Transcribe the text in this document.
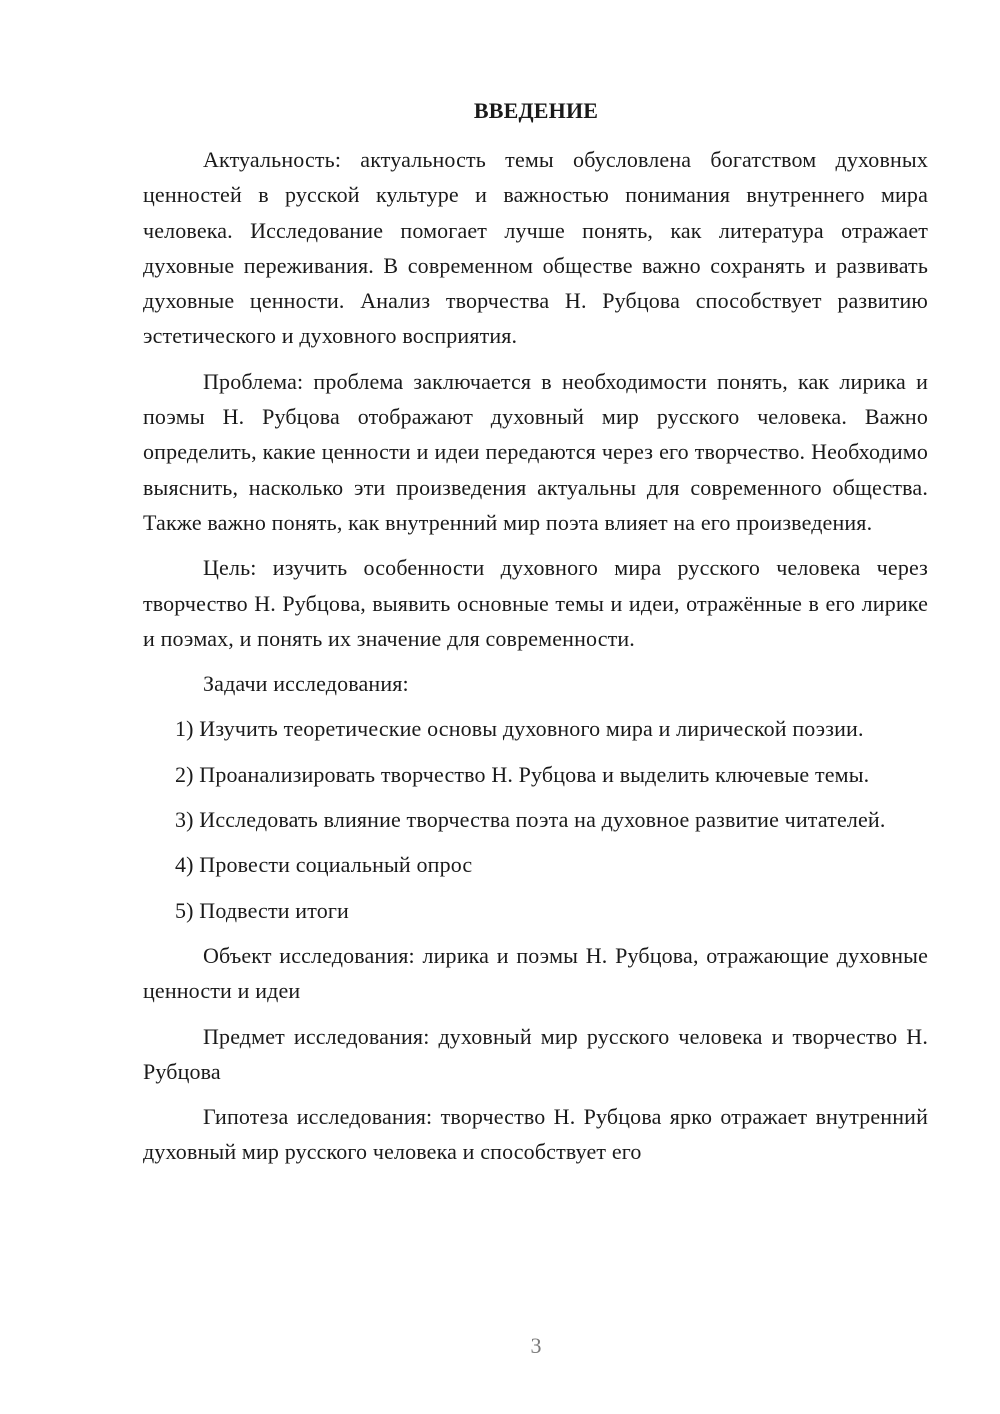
ВВЕДЕНИЕ

Актуальность: актуальность темы обусловлена богатством духовных ценностей в русской культуре и важностью понимания внутреннего мира человека. Исследование помогает лучше понять, как литература отражает духовные переживания. В современном обществе важно сохранять и развивать духовные ценности. Анализ творчества Н. Рубцова способствует развитию эстетического и духовного восприятия.

Проблема: проблема заключается в необходимости понять, как лирика и поэмы Н. Рубцова отображают духовный мир русского человека. Важно определить, какие ценности и идеи передаются через его творчество. Необходимо выяснить, насколько эти произведения актуальны для современного общества. Также важно понять, как внутренний мир поэта влияет на его произведения.

Цель: изучить особенности духовного мира русского человека через творчество Н. Рубцова, выявить основные темы и идеи, отражённые в его лирике и поэмах, и понять их значение для современности.

Задачи исследования:

1) Изучить теоретические основы духовного мира и лирической поэзии.

2) Проанализировать творчество Н. Рубцова и выделить ключевые темы.

3) Исследовать влияние творчества поэта на духовное развитие читателей.

4) Провести социальный опрос

5) Подвести итоги

Объект исследования: лирика и поэмы Н. Рубцова, отражающие духовные ценности и идеи

Предмет исследования: духовный мир русского человека и творчество Н. Рубцова

Гипотеза исследования: творчество Н. Рубцова ярко отражает внутренний духовный мир русского человека и способствует его

3
